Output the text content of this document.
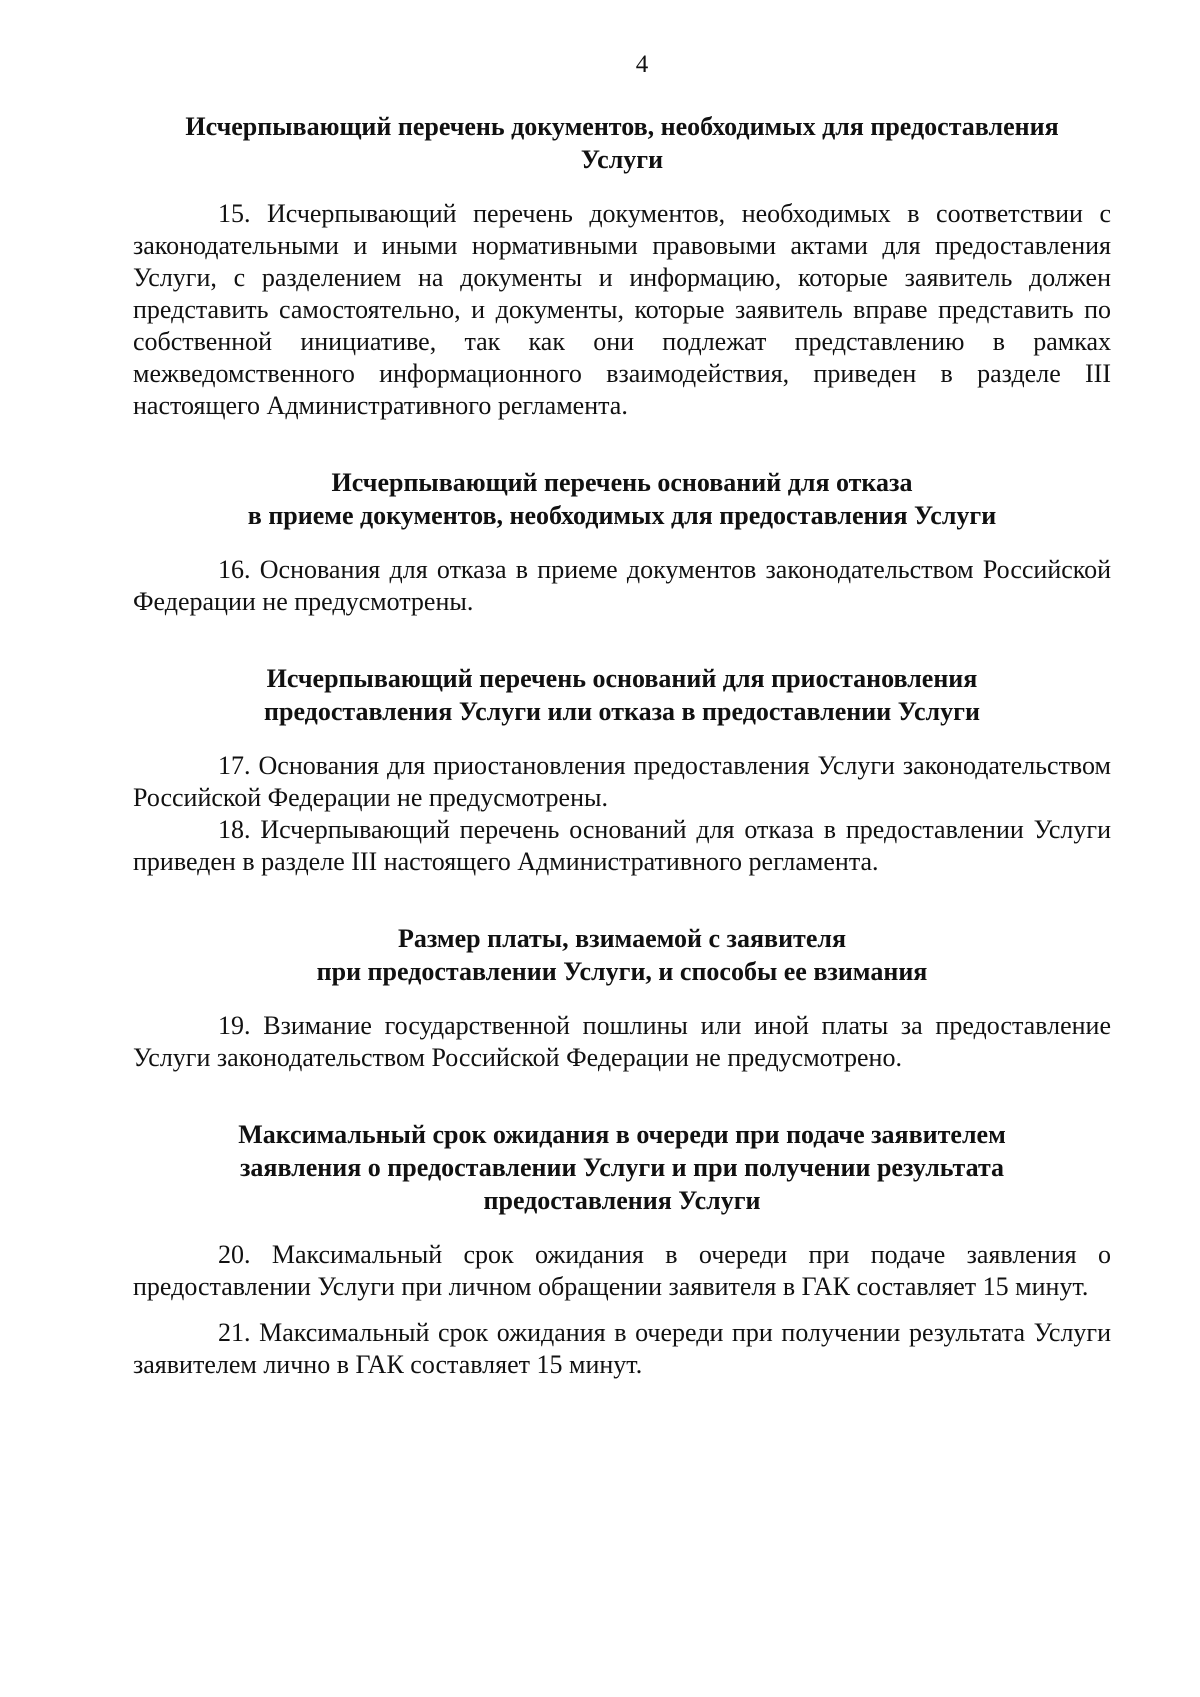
4
Исчерпывающий перечень документов, необходимых для предоставления
Услуги

15. Исчерпывающий перечень документов, необходимых в соответствии с законодательными и иными нормативными правовыми актами для предоставления Услуги, с разделением на документы и информацию, которые заявитель должен представить самостоятельно, и документы, которые заявитель вправе представить по собственной инициативе, так как они подлежат представлению в рамках межведомственного информационного взаимодействия, приведен в разделе III настоящего Административного регламента.

Исчерпывающий перечень оснований для отказа
в приеме документов, необходимых для предоставления Услуги

16. Основания для отказа в приеме документов законодательством Российской Федерации не предусмотрены.

Исчерпывающий перечень оснований для приостановления
предоставления Услуги или отказа в предоставлении Услуги

17. Основания для приостановления предоставления Услуги законодательством Российской Федерации не предусмотрены.

18. Исчерпывающий перечень оснований для отказа в предоставлении Услуги приведен в разделе III настоящего Административного регламента.

Размер платы, взимаемой с заявителя
при предоставлении Услуги, и способы ее взимания

19. Взимание государственной пошлины или иной платы за предоставление Услуги законодательством Российской Федерации не предусмотрено.

Максимальный срок ожидания в очереди при подаче заявителем
заявления о предоставлении Услуги и при получении результата
предоставления Услуги

20. Максимальный срок ожидания в очереди при подаче заявления о предоставлении Услуги при личном обращении заявителя в ГАК составляет 15 минут.

21. Максимальный срок ожидания в очереди при получении результата Услуги заявителем лично в ГАК составляет 15 минут.
